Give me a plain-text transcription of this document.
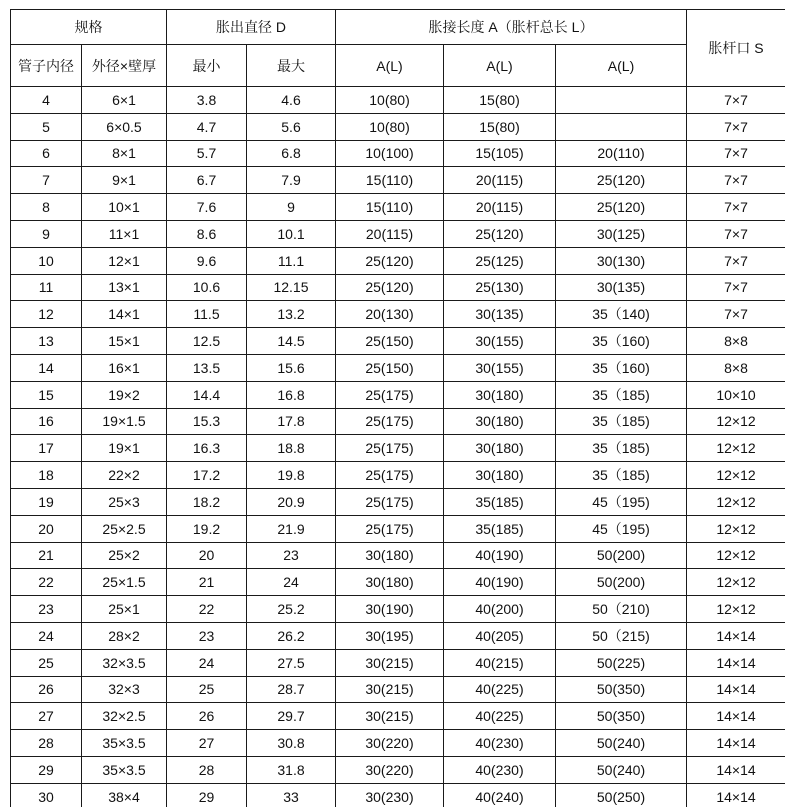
规格		胀出直径 D		胀接长度 A（胀杆总长 L）			胀杆口 S
管子内径	外径×壁厚	最小	最大	A(L)	A(L)	A(L)	
4	6×1	3.8	4.6	10(80)	15(80)		7×7
5	6×0.5	4.7	5.6	10(80)	15(80)		7×7
6	8×1	5.7	6.8	10(100)	15(105)	20(110)	7×7
7	9×1	6.7	7.9	15(110)	20(115)	25(120)	7×7
8	10×1	7.6	9	15(110)	20(115)	25(120)	7×7
9	11×1	8.6	10.1	20(115)	25(120)	30(125)	7×7
10	12×1	9.6	11.1	25(120)	25(125)	30(130)	7×7
11	13×1	10.6	12.15	25(120)	25(130)	30(135)	7×7
12	14×1	11.5	13.2	20(130)	30(135)	35（140)	7×7
13	15×1	12.5	14.5	25(150)	30(155)	35（160)	8×8
14	16×1	13.5	15.6	25(150)	30(155)	35（160)	8×8
15	19×2	14.4	16.8	25(175)	30(180)	35（185)	10×10
16	19×1.5	15.3	17.8	25(175)	30(180)	35（185)	12×12
17	19×1	16.3	18.8	25(175)	30(180)	35（185)	12×12
18	22×2	17.2	19.8	25(175)	30(180)	35（185)	12×12
19	25×3	18.2	20.9	25(175)	35(185)	45（195)	12×12
20	25×2.5	19.2	21.9	25(175)	35(185)	45（195)	12×12
21	25×2	20	23	30(180)	40(190)	50(200)	12×12
22	25×1.5	21	24	30(180)	40(190)	50(200)	12×12
23	25×1	22	25.2	30(190)	40(200)	50（210)	12×12
24	28×2	23	26.2	30(195)	40(205)	50（215)	14×14
25	32×3.5	24	27.5	30(215)	40(215)	50(225)	14×14
26	32×3	25	28.7	30(215)	40(225)	50(350)	14×14
27	32×2.5	26	29.7	30(215)	40(225)	50(350)	14×14
28	35×3.5	27	30.8	30(220)	40(230)	50(240)	14×14
29	35×3.5	28	31.8	30(220)	40(230)	50(240)	14×14
30	38×4	29	33	30(230)	40(240)	50(250)	14×14
